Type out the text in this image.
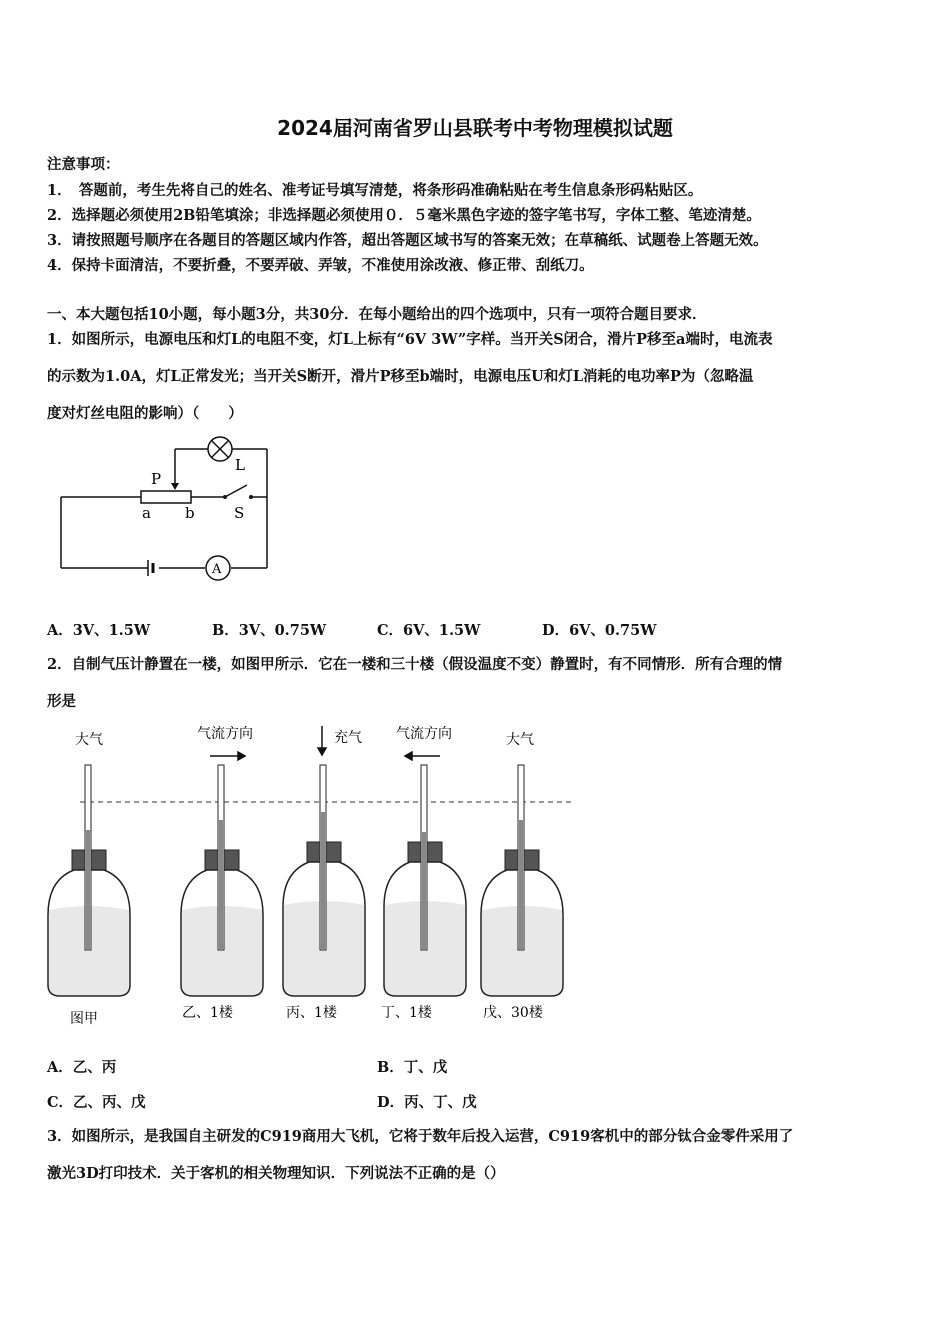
2024届河南省罗山县联考中考物理模拟试题
注意事项：
1．　答题前，考生先将自己的姓名、准考证号填写清楚，将条形码准确粘贴在考生信息条形码粘贴区。
2．选择题必须使用2B铅笔填涂；非选择题必须使用０．５毫米黑色字迹的签字笔书写，字体工整、笔迹清楚。
3．请按照题号顺序在各题目的答题区域内作答，超出答题区域书写的答案无效；在草稿纸、试题卷上答题无效。
4．保持卡面清洁，不要折叠，不要弄破、弄皱，不准使用涂改液、修正带、刮纸刀。
一、本大题包括10小题，每小题3分，共30分．在每小题给出的四个选项中，只有一项符合题目要求．
1．如图所示，电源电压和灯L的电阻不变，灯L上标有“6V 3W”字样。当开关S闭合，滑片P移至a端时，电流表
的示数为1.0A，灯L正常发光；当开关S断开，滑片P移至b端时，电源电压U和灯L消耗的电功率P为（忽略温
度对灯丝电阻的影响）（　　）
P
L
a b	S
A
A．3V、1.5W	B．3V、0.75W	C．6V、1.5W	D．6V、0.75W
2．自制气压计静置在一楼，如图甲所示．它在一楼和三十楼（假设温度不变）静置时，有不同情形．所有合理的情
形是
大气	气流方向	充气 气流方向	大气
图甲	乙、1楼	丙、1楼	丁、1楼	戊、30楼
A．乙、丙	B．丁、戊
C．乙、丙、戊	D．丙、丁、戊
3．如图所示，是我国自主研发的C919商用大飞机，它将于数年后投入运营，C919客机中的部分钛合金零件采用了
激光3D打印技术．关于客机的相关物理知识．下列说法不正确的是（）
